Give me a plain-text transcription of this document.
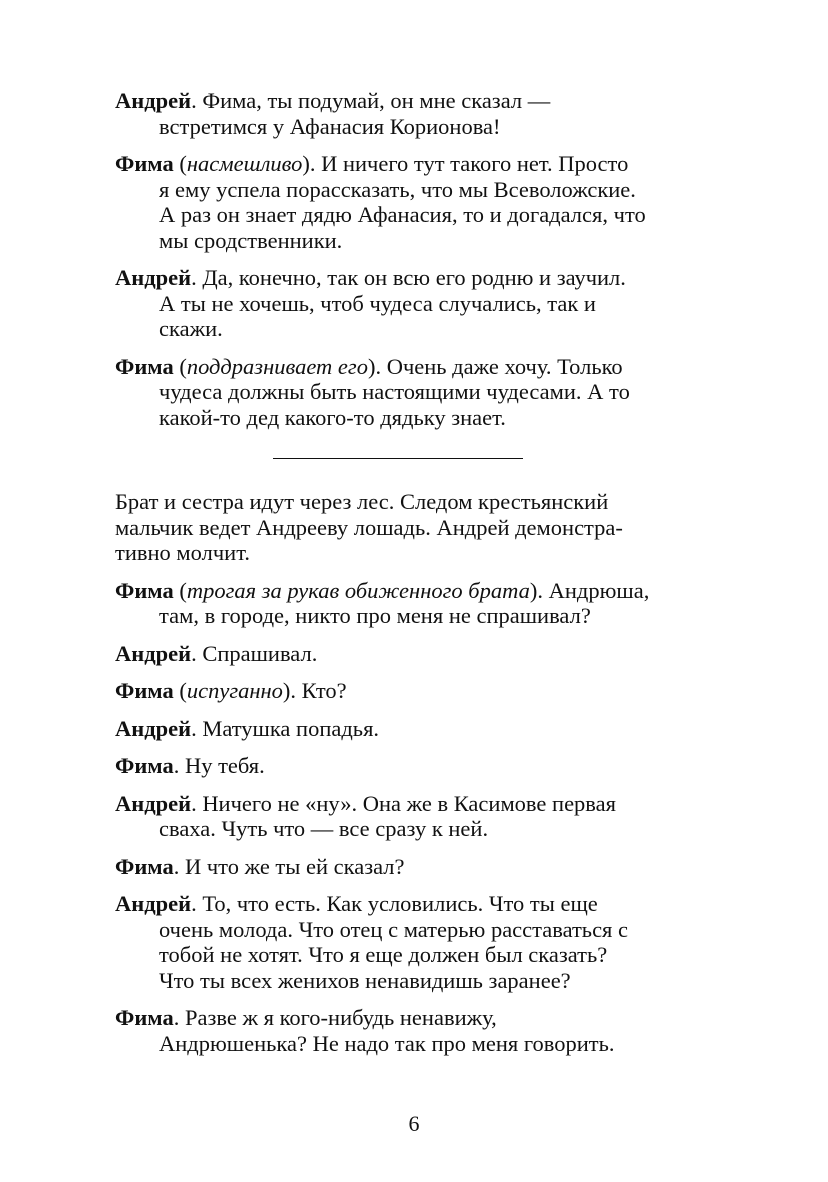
Андрей. Фима, ты подумай, он мне сказал —
встретимся у Афанасия Корионова!
Фима (насмешливо). И ничего тут такого нет. Просто
я ему успела порассказать, что мы Всеволожские.
А раз он знает дядю Афанасия, то и догадался, что
мы сродственники.
Андрей. Да, конечно, так он всю его родню и заучил.
А ты не хочешь, чтоб чудеса случались, так и
скажи.
Фима (поддразнивает его). Очень даже хочу. Только
чудеса должны быть настоящими чудесами. А то
какой-то дед какого-то дядьку знает.
Брат и сестра идут через лес. Следом крестьянский
мальчик ведет Андрееву лошадь. Андрей демонстра-
тивно молчит.
Фима (трогая за рукав обиженного брата). Андрюша,
там, в городе, никто про меня не спрашивал?
Андрей. Спрашивал.
Фима (испуганно). Кто?
Андрей. Матушка попадья.
Фима. Ну тебя.
Андрей. Ничего не «ну». Она же в Касимове первая
сваха. Чуть что — все сразу к ней.
Фима. И что же ты ей сказал?
Андрей. То, что есть. Как условились. Что ты еще
очень молода. Что отец с матерью расставаться с
тобой не хотят. Что я еще должен был сказать?
Что ты всех женихов ненавидишь заранее?
Фима. Разве ж я кого-нибудь ненавижу,
Андрюшенька? Не надо так про меня говорить.
6
